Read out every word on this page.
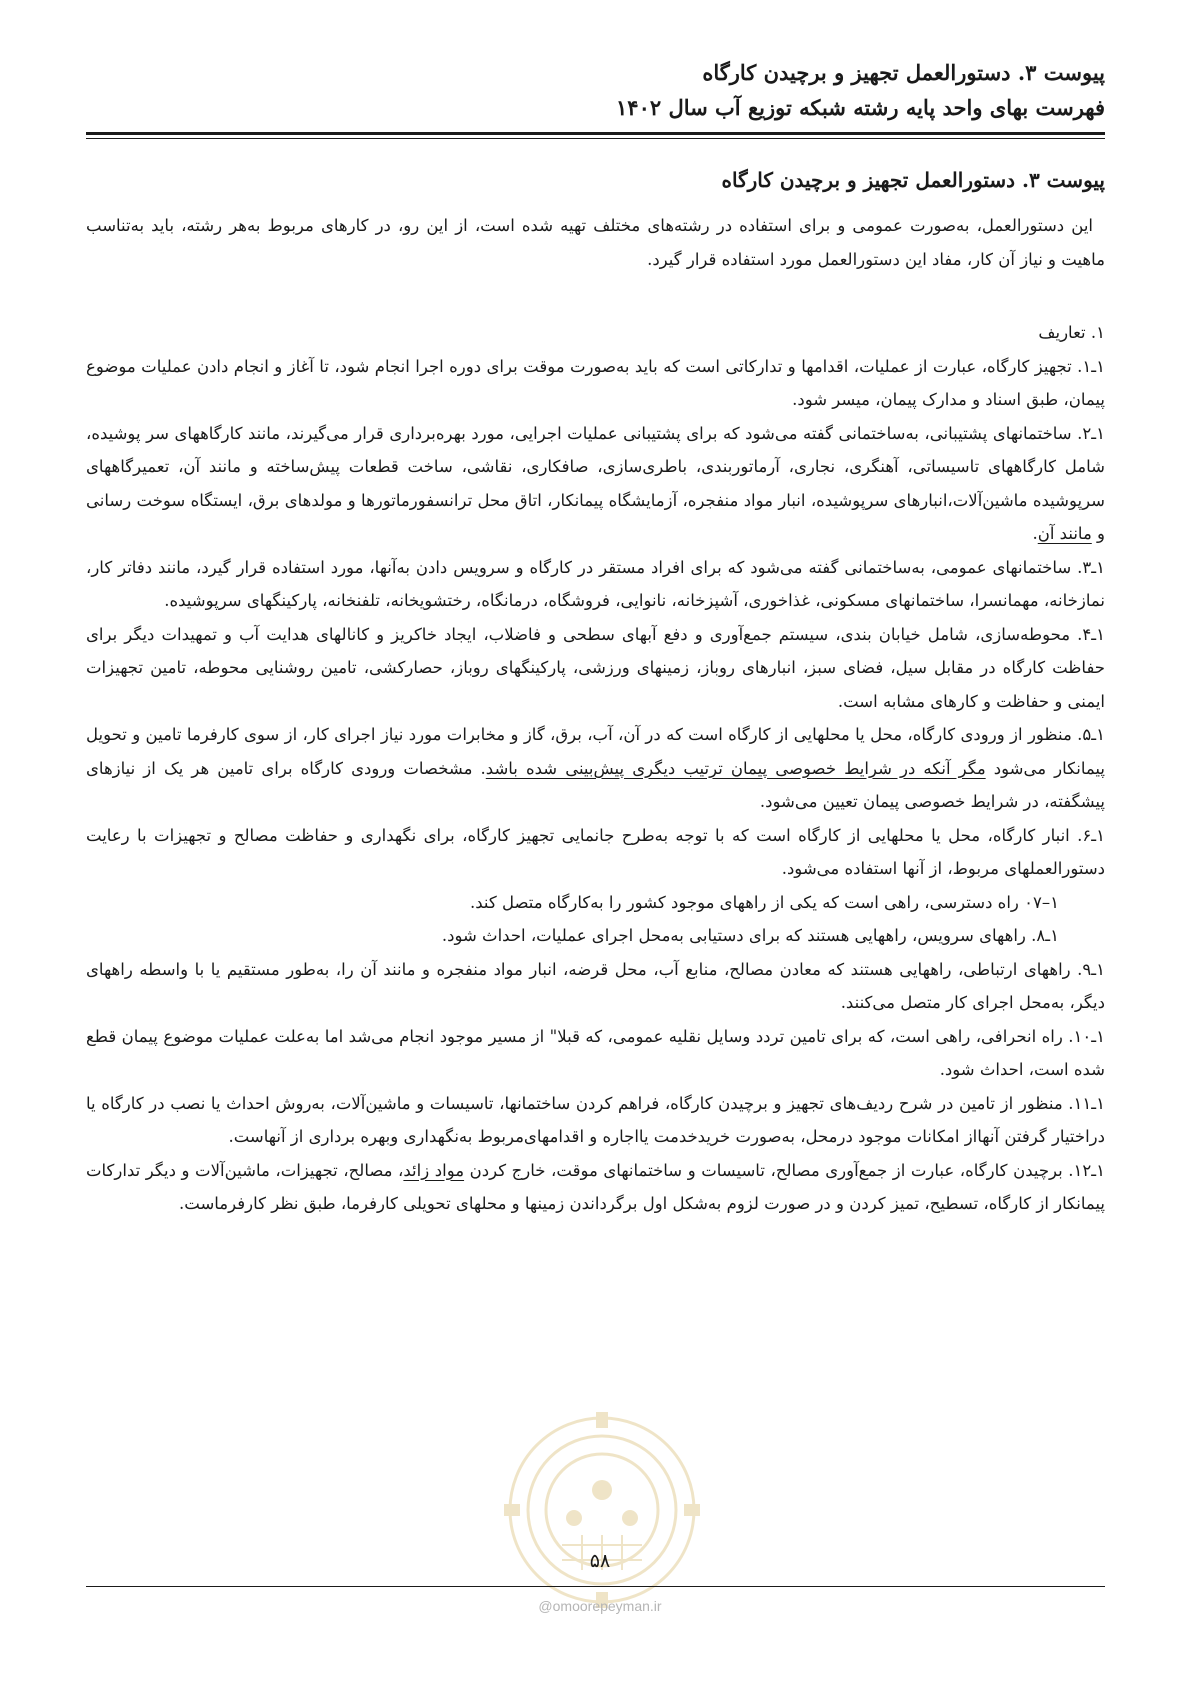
پیوست ۳. دستورالعمل تجهیز و برچیدن کارگاه
فهرست بهای واحد پایه رشته شبکه توزیع آب سال ۱۴۰۲
پیوست ۳. دستورالعمل تجهیز و برچیدن کارگاه

این دستورالعمل، به‌صورت عمومی و برای استفاده در رشته‌های مختلف تهیه شده است، از این رو، در کارهای مربوط به‌هر رشته، باید به‌تناسب ماهیت و نیاز آن کار، مفاد این دستورالعمل مورد استفاده قرار گیرد.

۱. تعاریف

۱ـ۱. تجهیز کارگاه، عبارت از عملیات، اقدامها و تدارکاتی است که باید به‌صورت موقت برای دوره اجرا انجام شود، تا آغاز و انجام دادن عملیات موضوع پیمان، طبق اسناد و مدارک پیمان، میسر شود.

۱ـ۲. ساختمانهای پشتیبانی، به‌ساختمانی گفته می‌شود که برای پشتیبانی عملیات اجرایی، مورد بهره‌برداری قرار می‌گیرند، مانند کارگاههای سر پوشیده، شامل کارگاههای تاسیساتی، آهنگری، نجاری، آرماتوربندی، باطری‌سازی، صافکاری، نقاشی، ساخت قطعات پیش‌ساخته و مانند آن، تعمیرگاههای سرپوشیده ماشین‌آلات،انبارهای سرپوشیده، انبار مواد منفجره، آزمایشگاه پیمانکار، اتاق محل ترانسفورماتورها و مولدهای برق، ایستگاه سوخت رسانی و مانند آن.

۱ـ۳. ساختمانهای عمومی، به‌ساختمانی گفته می‌شود که برای افراد مستقر در کارگاه و سرویس دادن به‌آنها، مورد استفاده قرار گیرد، مانند دفاتر کار، نمازخانه، مهمانسرا، ساختمانهای مسکونی، غذاخوری، آشپزخانه، نانوایی، فروشگاه، درمانگاه، رختشویخانه، تلفنخانه، پارکینگهای سرپوشیده.

۱ـ۴. محوطه‌سازی، شامل خیابان بندی، سیستم جمع‌آوری و دفع آبهای سطحی و فاضلاب، ایجاد خاکریز و کانالهای هدایت آب و تمهیدات دیگر برای حفاظت کارگاه در مقابل سیل، فضای سبز، انبارهای روباز، زمینهای ورزشی، پارکینگهای روباز، حصارکشی، تامین روشنایی محوطه، تامین تجهیزات ایمنی و حفاظت و کارهای مشابه است.

۱ـ۵. منظور از ورودی کارگاه، محل یا محلهایی از کارگاه است که در آن، آب، برق، گاز و مخابرات مورد نیاز اجرای کار، از سوی کارفرما تامین و تحویل پیمانکار می‌شود مگر آنکه در شرایط خصوصی پیمان ترتیب دیگری پیش‌بینی شده باشد. مشخصات ورودی کارگاه برای تامین هر یک از نیازهای پیشگفته، در شرایط خصوصی پیمان تعیین می‌شود.

۱ـ۶. انبار کارگاه، محل یا محلهایی از کارگاه است که با توجه به‌طرح جانمایی تجهیز کارگاه، برای نگهداری و حفاظت مصالح و تجهیزات با رعایت دستورالعملهای مربوط، از آنها استفاده می‌شود.

۱–۰۷ راه دسترسی، راهی است که یکی از راههای موجود کشور را به‌کارگاه متصل کند.

۱ـ۸. راههای سرویس، راههایی هستند که برای دستیابی به‌محل اجرای عملیات، احداث شود.

۱ـ۹. راههای ارتباطی، راههایی هستند که معادن مصالح، منابع آب، محل قرضه، انبار مواد منفجره و مانند آن را، به‌طور مستقیم یا با واسطه راههای دیگر، به‌محل اجرای کار متصل می‌کنند.

۱ـ۱۰. راه انحرافی، راهی است، که برای تامین تردد وسایل نقلیه عمومی، که قبلا" از مسیر موجود انجام می‌شد اما به‌علت عملیات موضوع پیمان قطع شده است، احداث شود.

۱ـ۱۱. منظور از تامین در شرح ردیف‌های تجهیز و برچیدن کارگاه، فراهم کردن ساختمانها، تاسیسات و ماشین‌آلات، به‌روش احداث یا نصب در کارگاه یا دراختیار گرفتن آنهااز امکانات موجود درمحل، به‌صورت خریدخدمت یااجاره و اقدامهای‌مربوط به‌نگهداری وبهره برداری از آنهاست.

۱ـ۱۲. برچیدن کارگاه، عبارت از جمع‌آوری مصالح، تاسیسات و ساختمانهای موقت، خارج کردن مواد زائد، مصالح، تجهیزات، ماشین‌آلات و دیگر تدارکات پیمانکار از کارگاه، تسطیح، تمیز کردن و در صورت لزوم به‌شکل اول برگرداندن زمینها و محلهای تحویلی کارفرما، طبق نظر کارفرماست.

۵۸
@omoorepeyman.ir
